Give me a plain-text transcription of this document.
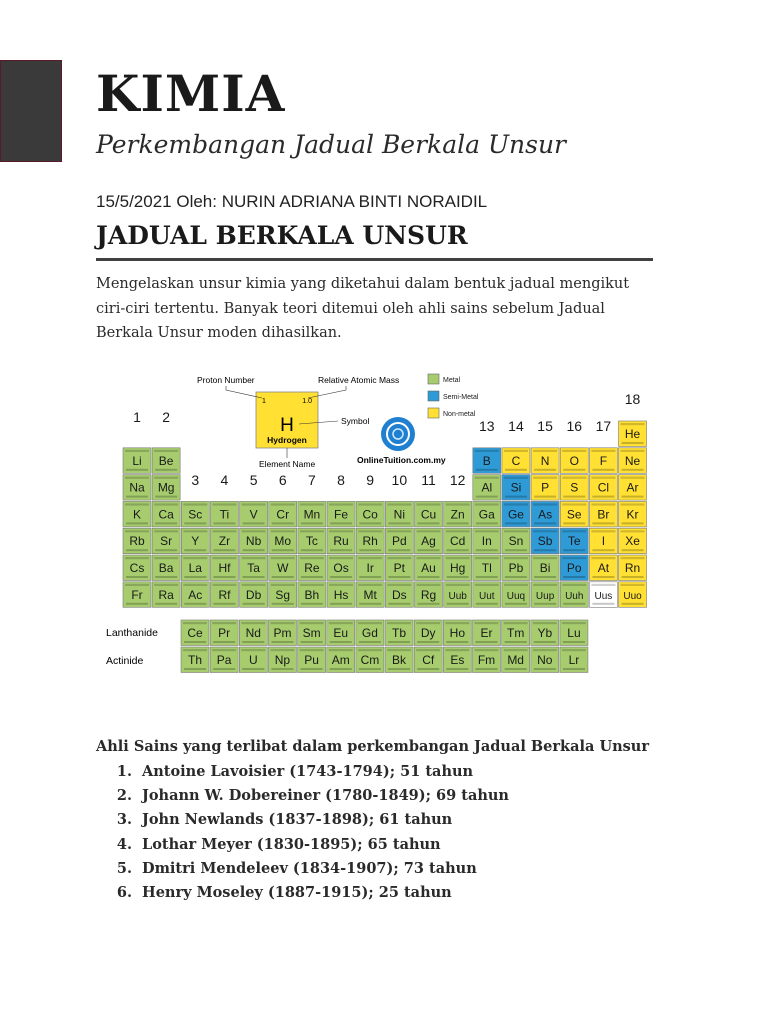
KIMIA
Perkembangan Jadual Berkala Unsur
15/5/2021 Oleh: NURIN ADRIANA BINTI NORAIDIL
JADUAL BERKALA UNSUR

Mengelaskan unsur kimia yang diketahui dalam bentuk jadual mengikut ciri-ciri tertentu. Banyak teori ditemui oleh ahli sains sebelum Jadual Berkala Unsur moden dihasilkan.

1	1.0
H
Hydrogen
Proton Number	Relative Atomic Mass
Symbol
Element Name	OnlineTuition.com.my
Metal
Semi-Metal
Non-metal
1 2
3 4 5 6 7 8 9 10 11 12
13 14 15 16 17
18
He
Li Be	B C N O F Ne
Na Mg	Al Si P S Cl Ar
K Ca Sc Ti V Cr Mn Fe Co Ni Cu Zn Ga Ge As Se Br Kr
Rb Sr Y Zr Nb Mo Tc Ru Rh Pd Ag Cd In Sn Sb Te I Xe
Cs Ba La Hf Ta W Re Os Ir Pt Au Hg Tl Pb Bi Po At Rn
Fr Ra Ac Rf Db Sg Bh Hs Mt Ds Rg Uub Uut Uuq Uup Uuh Uus Uuo
Lanthanide
Actinide
Ce Pr Nd Pm Sm Eu Gd Tb Dy Ho Er Tm Yb Lu
Th Pa U Np Pu Am Cm Bk Cf Es Fm Md No Lr
Ahli Sains yang terlibat dalam perkembangan Jadual Berkala Unsur
1. Antoine Lavoisier (1743-1794); 51 tahun
2. Johann W. Dobereiner (1780-1849); 69 tahun
3. John Newlands (1837-1898); 61 tahun
4. Lothar Meyer (1830-1895); 65 tahun
5. Dmitri Mendeleev (1834-1907); 73 tahun
6. Henry Moseley (1887-1915); 25 tahun
